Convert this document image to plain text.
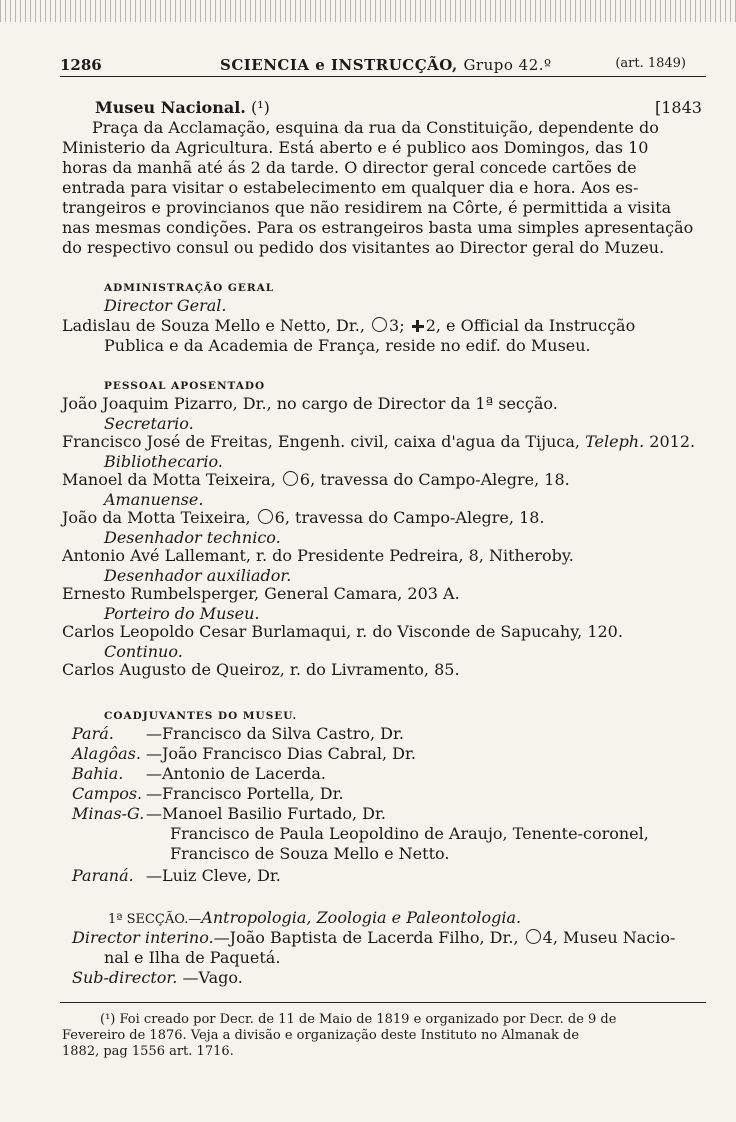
1286	SCIENCIA e INSTRUCÇÃO, Grupo 42.º	(art. 1849)
Museu Nacional. (¹)	[1843
Praça da Acclamação, esquina da rua da Constituição, dependente do
Ministerio da Agricultura. Está aberto e é publico aos Domingos, das 10
horas da manhã até ás 2 da tarde. O director geral concede cartões de
entrada para visitar o estabelecimento em qualquer dia e hora. Aos es-
trangeiros e provincianos que não residirem na Côrte, é permittida a visita
nas mesmas condições. Para os estrangeiros basta uma simples apresentação
do respectivo consul ou pedido dos visitantes ao Director geral do Muzeu.
ADMINISTRAÇÃO GERAL
Director Geral.
Ladislau de Souza Mello e Netto, Dr., 3; 2, e Official da Instrucção
Publica e da Academia de França, reside no edif. do Museu.
PESSOAL APOSENTADO
João Joaquim Pizarro, Dr., no cargo de Director da 1ª secção.
Secretario.
Francisco José de Freitas, Engenh. civil, caixa d'agua da Tijuca, Teleph. 2012.
Bibliothecario.
Manoel da Motta Teixeira, 6, travessa do Campo-Alegre, 18.
Amanuense.
João da Motta Teixeira, 6, travessa do Campo-Alegre, 18.
Desenhador technico.
Antonio Avé Lallemant, r. do Presidente Pedreira, 8, Nitheroby.
Desenhador auxiliador.
Ernesto Rumbelsperger, General Camara, 203 A.
Porteiro do Museu.
Carlos Leopoldo Cesar Burlamaqui, r. do Visconde de Sapucahy, 120.
Continuo.
Carlos Augusto de Queiroz, r. do Livramento, 85.
COADJUVANTES DO MUSEU.
Pará. —Francisco da Silva Castro, Dr.
Alagôas. —João Francisco Dias Cabral, Dr.
Bahia. —Antonio de Lacerda.
Campos. —Francisco Portella, Dr.
Minas-G. —Manoel Basilio Furtado, Dr.
Francisco de Paula Leopoldino de Araujo, Tenente-coronel,
Francisco de Souza Mello e Netto.
Paraná. —Luiz Cleve, Dr.
1ª SECÇÃO.—Antropologia, Zoologia e Paleontologia.
Director interino.—João Baptista de Lacerda Filho, Dr., 4, Museu Nacio-
nal e Ilha de Paquetá.
Sub-director. —Vago.
(¹) Foi creado por Decr. de 11 de Maio de 1819 e organizado por Decr. de 9 de
Fevereiro de 1876. Veja a divisão e organização deste Instituto no Almanak de
1882, pag 1556 art. 1716.
